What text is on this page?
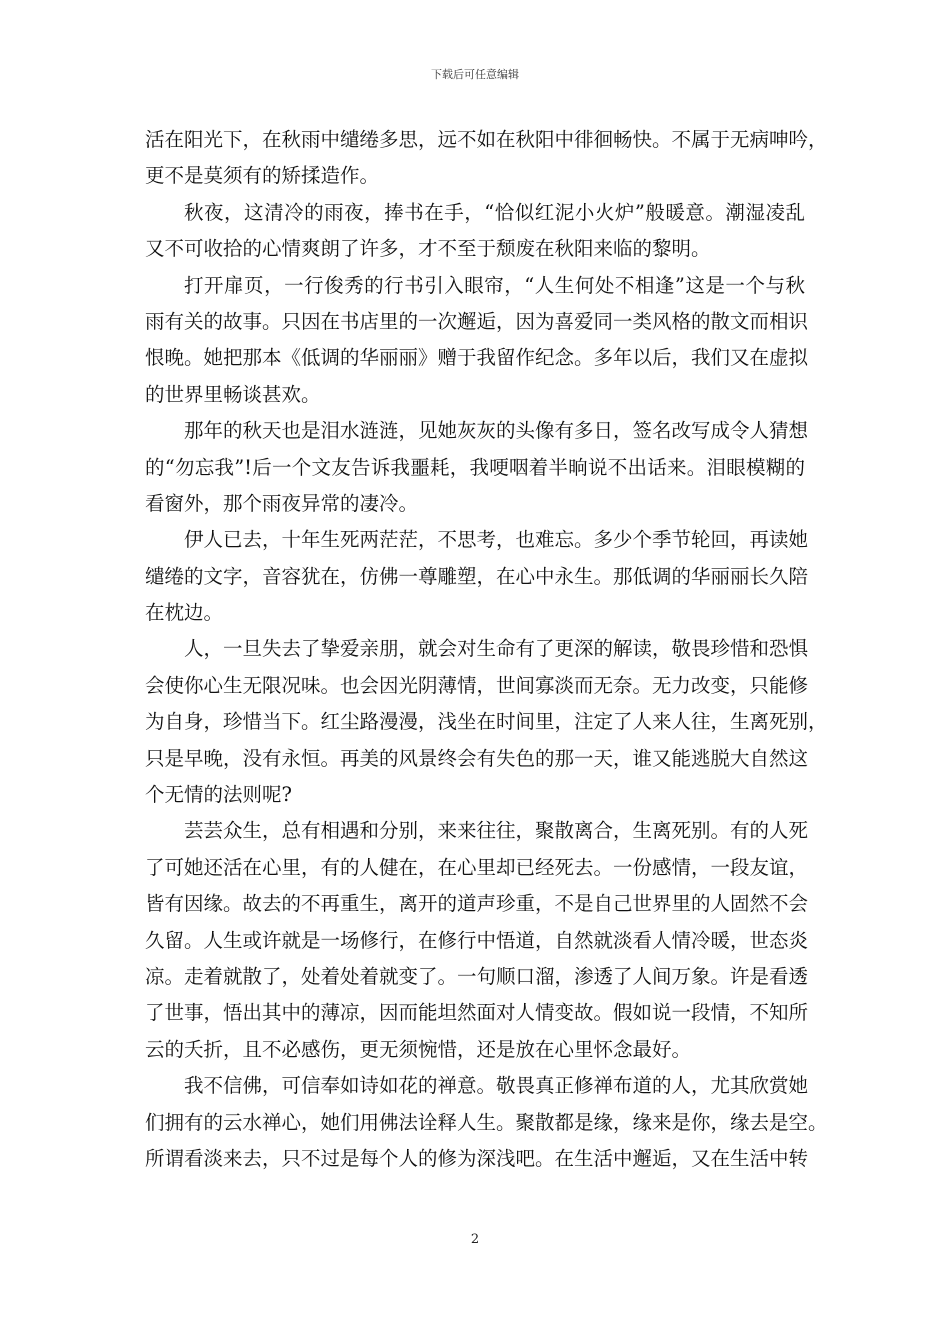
下载后可任意编辑
活在阳光下，在秋雨中缱绻多思，远不如在秋阳中徘徊畅快。不属于无病呻吟，
更不是莫须有的矫揉造作。
秋夜，这清冷的雨夜，捧书在手，“恰似红泥小火炉”般暖意。潮湿凌乱
又不可收拾的心情爽朗了许多，才不至于颓废在秋阳来临的黎明。
打开扉页，一行俊秀的行书引入眼帘，“人生何处不相逢”这是一个与秋
雨有关的故事。只因在书店里的一次邂逅，因为喜爱同一类风格的散文而相识
恨晚。她把那本《低调的华丽丽》赠于我留作纪念。多年以后，我们又在虚拟
的世界里畅谈甚欢。
那年的秋天也是泪水涟涟，见她灰灰的头像有多日，签名改写成令人猜想
的“勿忘我”!后一个文友告诉我噩耗，我哽咽着半晌说不出话来。泪眼模糊的
看窗外，那个雨夜异常的凄冷。
伊人已去，十年生死两茫茫，不思考，也难忘。多少个季节轮回，再读她
缱绻的文字，音容犹在，仿佛一尊雕塑，在心中永生。那低调的华丽丽长久陪
在枕边。
人，一旦失去了挚爱亲朋，就会对生命有了更深的解读，敬畏珍惜和恐惧
会使你心生无限况味。也会因光阴薄情，世间寡淡而无奈。无力改变，只能修
为自身，珍惜当下。红尘路漫漫，浅坐在时间里，注定了人来人往，生离死别，
只是早晚，没有永恒。再美的风景终会有失色的那一天，谁又能逃脱大自然这
个无情的法则呢?
芸芸众生，总有相遇和分别，来来往往，聚散离合，生离死别。有的人死
了可她还活在心里，有的人健在，在心里却已经死去。一份感情，一段友谊，
皆有因缘。故去的不再重生，离开的道声珍重，不是自己世界里的人固然不会
久留。人生或许就是一场修行，在修行中悟道，自然就淡看人情冷暖，世态炎
凉。走着就散了，处着处着就变了。一句顺口溜，渗透了人间万象。许是看透
了世事，悟出其中的薄凉，因而能坦然面对人情变故。假如说一段情，不知所
云的夭折，且不必感伤，更无须惋惜，还是放在心里怀念最好。
我不信佛，可信奉如诗如花的禅意。敬畏真正修禅布道的人，尤其欣赏她
们拥有的云水禅心，她们用佛法诠释人生。聚散都是缘，缘来是你，缘去是空。
所谓看淡来去，只不过是每个人的修为深浅吧。在生活中邂逅，又在生活中转
2
